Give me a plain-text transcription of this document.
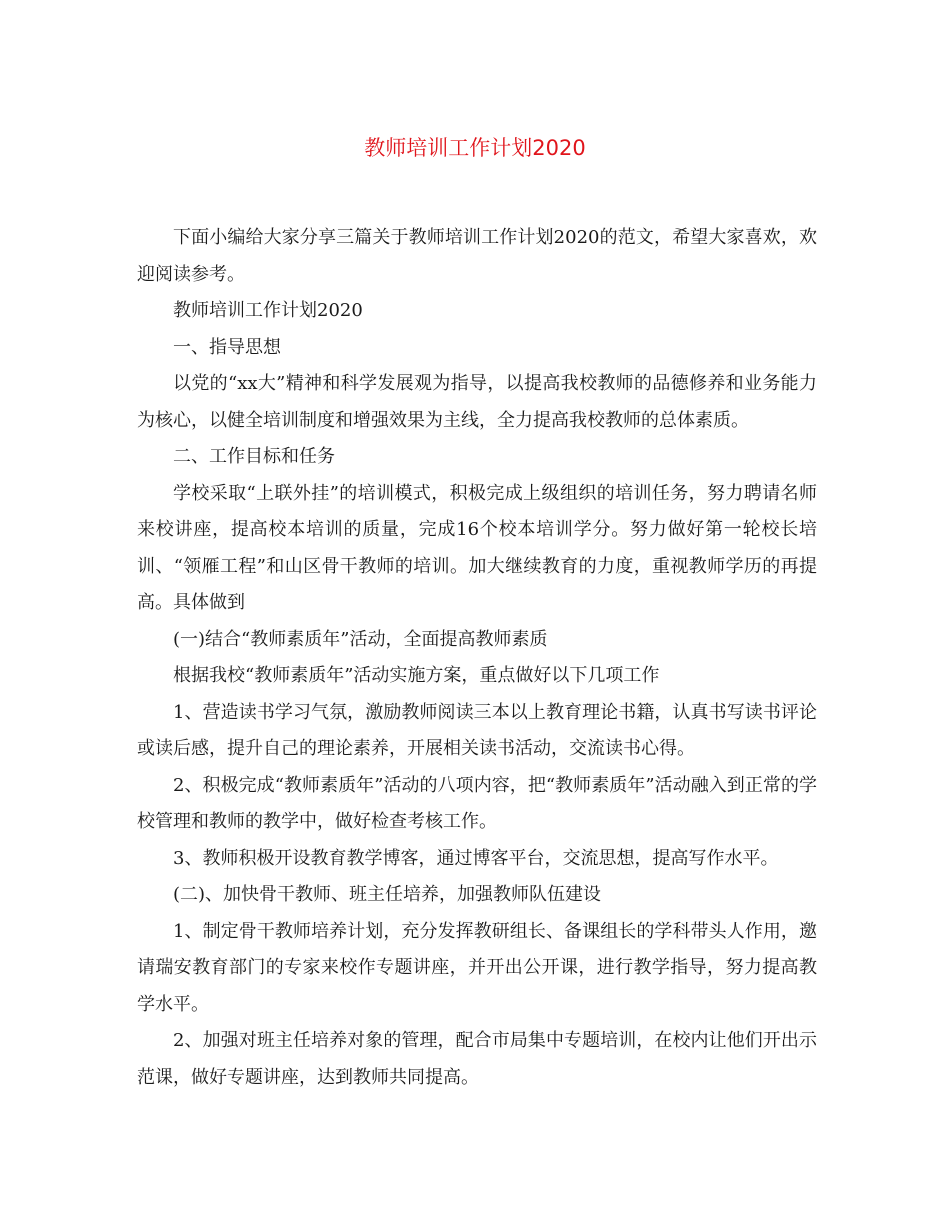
教师培训工作计划2020

下面小编给大家分享三篇关于教师培训工作计划2020的范文，希望大家喜欢，欢迎阅读参考。

教师培训工作计划2020

一、指导思想

以党的“xx大”精神和科学发展观为指导，以提高我校教师的品德修养和业务能力为核心，以健全培训制度和增强效果为主线，全力提高我校教师的总体素质。

二、工作目标和任务

学校采取“上联外挂”的培训模式，积极完成上级组织的培训任务，努力聘请名师来校讲座，提高校本培训的质量，完成16个校本培训学分。努力做好第一轮校长培训、“领雁工程”和山区骨干教师的培训。加大继续教育的力度，重视教师学历的再提高。具体做到

(一)结合“教师素质年”活动，全面提高教师素质

根据我校“教师素质年”活动实施方案，重点做好以下几项工作

1、营造读书学习气氛，激励教师阅读三本以上教育理论书籍，认真书写读书评论或读后感，提升自己的理论素养，开展相关读书活动，交流读书心得。

2、积极完成“教师素质年”活动的八项内容，把“教师素质年”活动融入到正常的学校管理和教师的教学中，做好检查考核工作。

3、教师积极开设教育教学博客，通过博客平台，交流思想，提高写作水平。

(二)、加快骨干教师、班主任培养，加强教师队伍建设

1、制定骨干教师培养计划，充分发挥教研组长、备课组长的学科带头人作用，邀请瑞安教育部门的专家来校作专题讲座，并开出公开课，进行教学指导，努力提高教学水平。

2、加强对班主任培养对象的管理，配合市局集中专题培训，在校内让他们开出示范课，做好专题讲座，达到教师共同提高。
